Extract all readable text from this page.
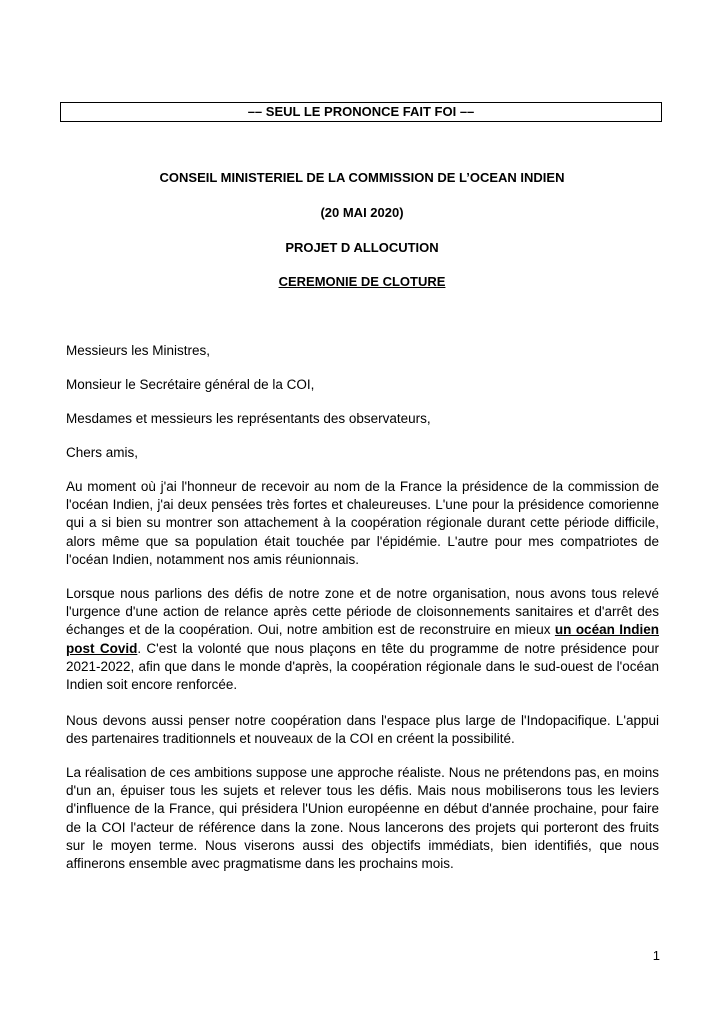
–– SEUL LE PRONONCE FAIT FOI ––
CONSEIL MINISTERIEL DE LA COMMISSION DE L’OCEAN INDIEN
(20 MAI 2020)
PROJET D ALLOCUTION
CEREMONIE DE CLOTURE
Messieurs les Ministres,
Monsieur le Secrétaire général de la COI,
Mesdames et messieurs les représentants des observateurs,
Chers amis,
Au moment où j'ai l'honneur de recevoir au nom de la France la présidence de la commission de l'océan Indien, j'ai deux pensées très fortes et chaleureuses. L'une pour la présidence comorienne qui a si bien su montrer son attachement à la coopération régionale durant cette période difficile, alors même que sa population était touchée par l'épidémie. L'autre pour mes compatriotes de l'océan Indien, notamment nos amis réunionnais.
Lorsque nous parlions des défis de notre zone et de notre organisation, nous avons tous relevé l'urgence d'une action de relance après cette période de cloisonnements sanitaires et d'arrêt des échanges et de la coopération. Oui, notre ambition est de reconstruire en mieux un océan Indien post Covid. C'est la volonté que nous plaçons en tête du programme de notre présidence pour 2021-2022, afin que dans le monde d'après, la coopération régionale dans le sud-ouest de l'océan Indien soit encore renforcée.
Nous devons aussi penser notre coopération dans l'espace plus large de l'Indopacifique. L'appui des partenaires traditionnels et nouveaux de la COI en créent la possibilité.
La réalisation de ces ambitions suppose une approche réaliste. Nous ne prétendons pas, en moins d'un an, épuiser tous les sujets et relever tous les défis. Mais nous mobiliserons tous les leviers d'influence de la France, qui présidera l'Union européenne en début d'année prochaine, pour faire de la COI l'acteur de référence dans la zone. Nous lancerons des projets qui porteront des fruits sur le moyen terme. Nous viserons aussi des objectifs immédiats, bien identifiés, que nous affinerons ensemble avec pragmatisme dans les prochains mois.
1
